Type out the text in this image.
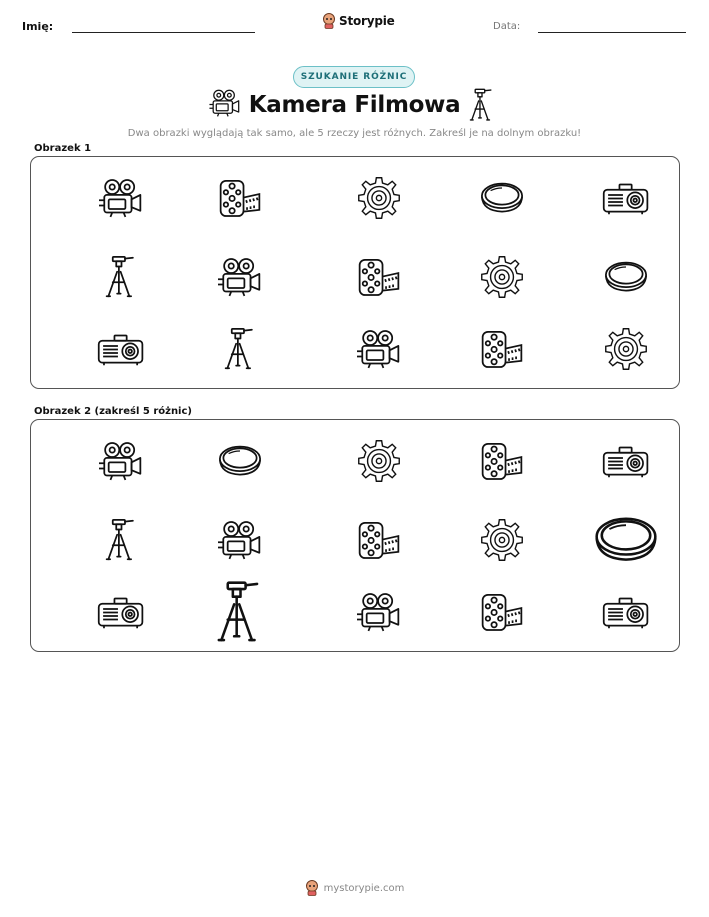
Imię:	Storypie	Data:
SZUKANIE RÓŻNIC
Kamera Filmowa
Dwa obrazki wyglądają tak samo, ale 5 rzeczy jest różnych. Zakreśl je na dolnym obrazku!
Obrazek 1
Obrazek 2 (zakreśl 5 różnic)
mystorypie.com
